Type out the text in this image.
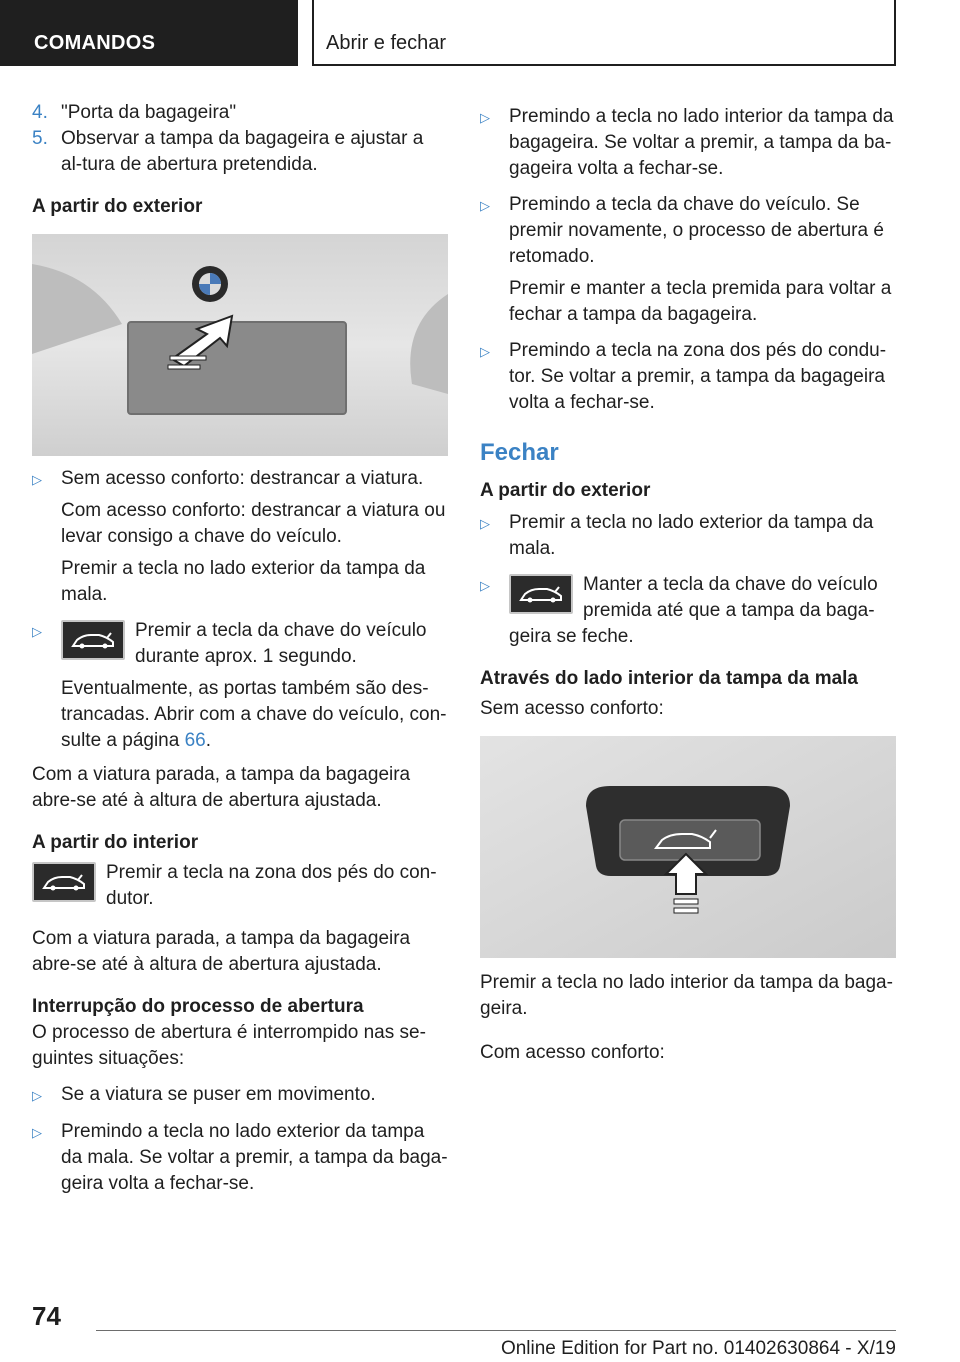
COMANDOS	Abrir e fechar
4. "Porta da bagageira"
5. Observar a tampa da bagageira e ajustar a al-tura de abertura pretendida.

A partir do exterior

▷	Sem acesso conforto: destrancar a viatura.

Com acesso conforto: destrancar a viatura ou levar consigo a chave do veículo.

Premir a tecla no lado exterior da tampa da mala.

▷	Premir a tecla da chave do veículo durante aprox. 1 segundo.

Eventualmente, as portas também são des-trancadas. Abrir com a chave do veículo, con-sulte a página 66.

Com a viatura parada, a tampa da bagageira abre-se até à altura de abertura ajustada.

A partir do interior

Premir a tecla na zona dos pés do con-dutor.

Com a viatura parada, a tampa da bagageira abre-se até à altura de abertura ajustada.

Interrupção do processo de abertura

O processo de abertura é interrompido nas se-guintes situações:

▷	Se a viatura se puser em movimento.

▷	Premindo a tecla no lado exterior da tampa da mala. Se voltar a premir, a tampa da baga-geira volta a fechar-se.

▷	Premindo a tecla no lado interior da tampa da bagageira. Se voltar a premir, a tampa da ba-gageira volta a fechar-se.

▷	Premindo a tecla da chave do veículo. Se premir novamente, o processo de abertura é retomado.

Premir e manter a tecla premida para voltar a fechar a tampa da bagageira.

▷	Premindo a tecla na zona dos pés do condu-tor. Se voltar a premir, a tampa da bagageira volta a fechar-se.

Fechar

A partir do exterior

▷	Premir a tecla no lado exterior da tampa da mala.

▷	Manter a tecla da chave do veículo premida até que a tampa da baga-

geira se feche.

Através do lado interior da tampa da mala

Sem acesso conforto:

Premir a tecla no lado interior da tampa da baga-geira.

Com acesso conforto:

74
Online Edition for Part no. 01402630864 - X/19
